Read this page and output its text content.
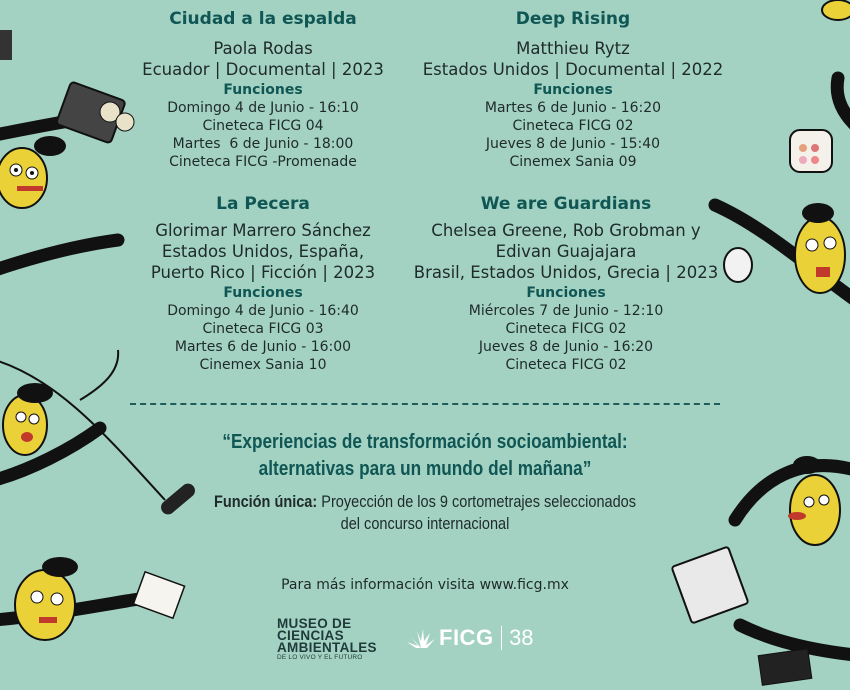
Ciudad a la espalda
Paola Rodas
Ecuador | Documental | 2023
Funciones
Domingo 4 de Junio - 16:10
Cineteca FICG 04
Martes  6 de Junio - 18:00
Cineteca FICG -Promenade
Deep Rising
Matthieu Rytz
Estados Unidos | Documental | 2022
Funciones
Martes 6 de Junio - 16:20
Cineteca FICG 02
Jueves 8 de Junio - 15:40
Cinemex Sania 09
La Pecera
Glorimar Marrero Sánchez
Estados Unidos, España,
Puerto Rico | Ficción | 2023
Funciones
Domingo 4 de Junio - 16:40
Cineteca FICG 03
Martes 6 de Junio - 16:00
Cinemex Sania 10
We are Guardians
Chelsea Greene, Rob Grobman y
Edivan Guajajara
Brasil, Estados Unidos, Grecia | 2023
Funciones
Miércoles 7 de Junio - 12:10
Cineteca FICG 02
Jueves 8 de Junio - 16:20
Cineteca FICG 02
“Experiencias de transformación socioambiental:
alternativas para un mundo del mañana”
Función única: Proyección de los 9 cortometrajes seleccionados
del concurso internacional
Para más información visita www.ficg.mx
MUSEO DE
CIENCIAS
AMBIENTALES
DE LO VIVO Y EL FUTURO
FICG 38
